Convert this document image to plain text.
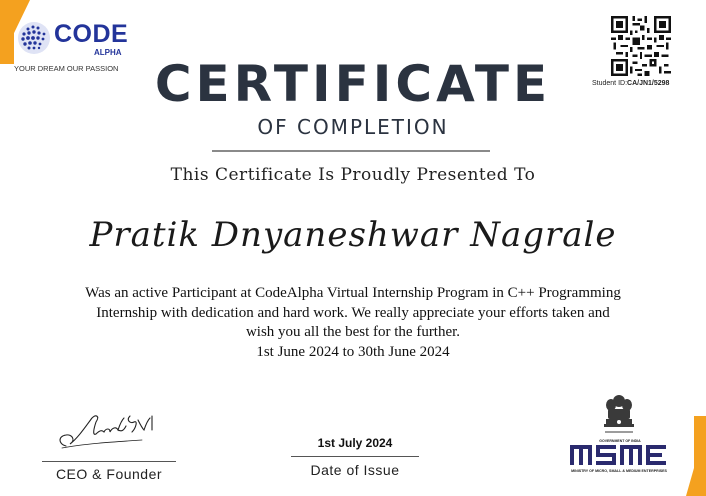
CODE
ALPHA
YOUR DREAM OUR PASSION
Student ID:CA/JN1/5298
CERTIFICATE
OF COMPLETION
This Certificate Is Proudly Presented To
Pratik Dnyaneshwar Nagrale
Was an active Participant at CodeAlpha Virtual Internship Program in C++ Programming
Internship with dedication and hard work. We really appreciate your efforts taken and
wish you all the best for the further.
1st June 2024 to 30th June 2024
CEO & Founder
1st July 2024
Date of Issue
GOVERNMENT OF INDIA
MINISTRY OF MICRO, SMALL & MEDIUM ENTERPRISES
